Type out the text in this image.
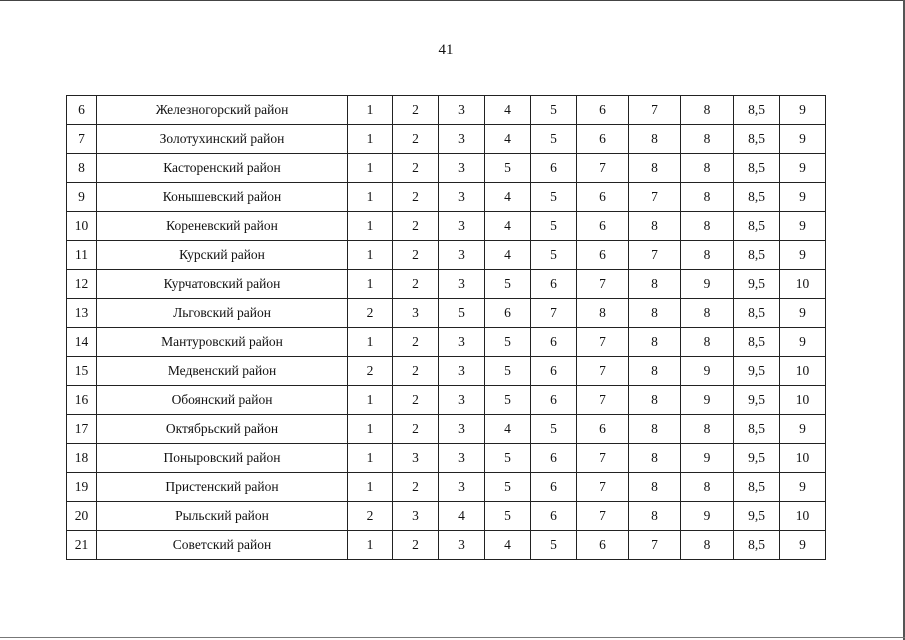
41
6	Железногорский район	1	2	3	4	5	6	7	8	8,5	9
7	Золотухинский район	1	2	3	4	5	6	8	8	8,5	9
8	Касторенский район	1	2	3	5	6	7	8	8	8,5	9
9	Конышевский район	1	2	3	4	5	6	7	8	8,5	9
10	Кореневский район	1	2	3	4	5	6	8	8	8,5	9
11	Курский район	1	2	3	4	5	6	7	8	8,5	9
12	Курчатовский район	1	2	3	5	6	7	8	9	9,5	10
13	Льговский район	2	3	5	6	7	8	8	8	8,5	9
14	Мантуровский район	1	2	3	5	6	7	8	8	8,5	9
15	Медвенский район	2	2	3	5	6	7	8	9	9,5	10
16	Обоянский район	1	2	3	5	6	7	8	9	9,5	10
17	Октябрьский район	1	2	3	4	5	6	8	8	8,5	9
18	Поныровский район	1	3	3	5	6	7	8	9	9,5	10
19	Пристенский район	1	2	3	5	6	7	8	8	8,5	9
20	Рыльский район	2	3	4	5	6	7	8	9	9,5	10
21	Советский район	1	2	3	4	5	6	7	8	8,5	9
